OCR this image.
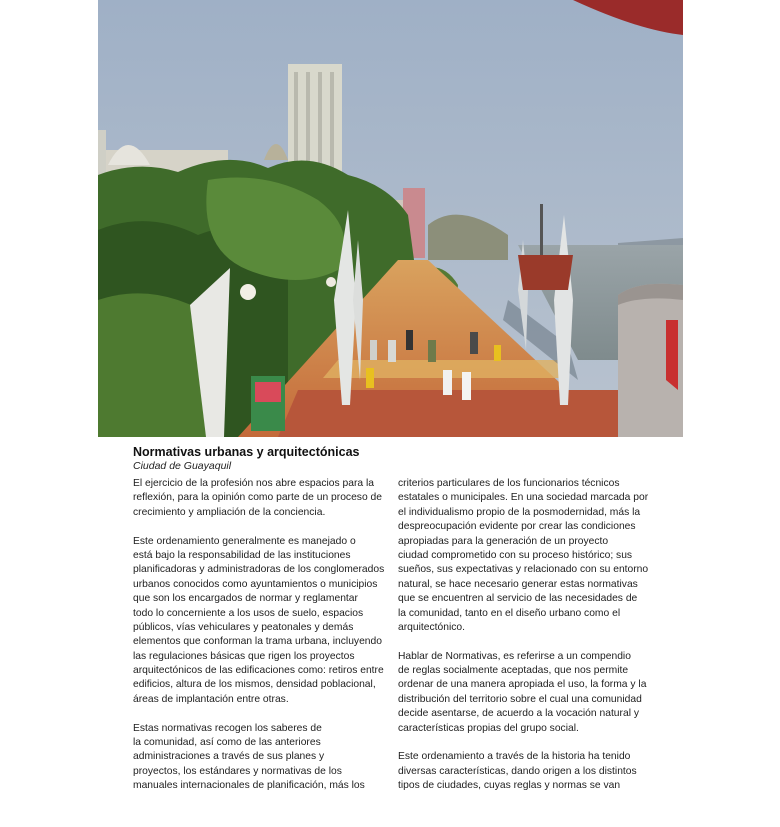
Normativas urbanas y arquitectónicas
Ciudad de Guayaquil
El ejercicio de la profesión nos abre espacios para la
reflexión, para la opinión como parte de un proceso de
crecimiento y ampliación de la conciencia.
Este ordenamiento generalmente es manejado o
está bajo la responsabilidad de las instituciones
planificadoras y administradoras de los conglomerados
urbanos conocidos como ayuntamientos o municipios
que son los encargados de normar y reglamentar
todo lo concerniente a los usos de suelo, espacios
públicos, vías vehiculares y peatonales y demás
elementos que conforman la trama urbana, incluyendo
las regulaciones básicas que rigen los proyectos
arquitectónicos de las edificaciones como: retiros entre
edificios, altura de los mismos, densidad poblacional,
áreas de implantación entre otras.
Estas normativas recogen los saberes de
la comunidad, así como de las anteriores
administraciones a través de sus planes y
proyectos, los estándares y normativas de los
manuales internacionales de planificación, más los
criterios particulares de los funcionarios técnicos
estatales o municipales. En una sociedad marcada por
el individualismo propio de la posmodernidad, más la
despreocupación evidente por crear las condiciones
apropiadas para la generación de un proyecto
ciudad comprometido con su proceso histórico; sus
sueños, sus expectativas y relacionado con su entorno
natural, se hace necesario generar estas normativas
que se encuentren al servicio de las necesidades de
la comunidad, tanto en el diseño urbano como el
arquitectónico.
Hablar de Normativas, es referirse a un compendio
de reglas socialmente aceptadas, que nos permite
ordenar de una manera apropiada el uso, la forma y la
distribución del territorio sobre el cual una comunidad
decide asentarse, de acuerdo a la vocación natural y
características propias del grupo social.
Este ordenamiento a través de la historia ha tenido
diversas características, dando origen a los distintos
tipos de ciudades, cuyas reglas y normas se van
